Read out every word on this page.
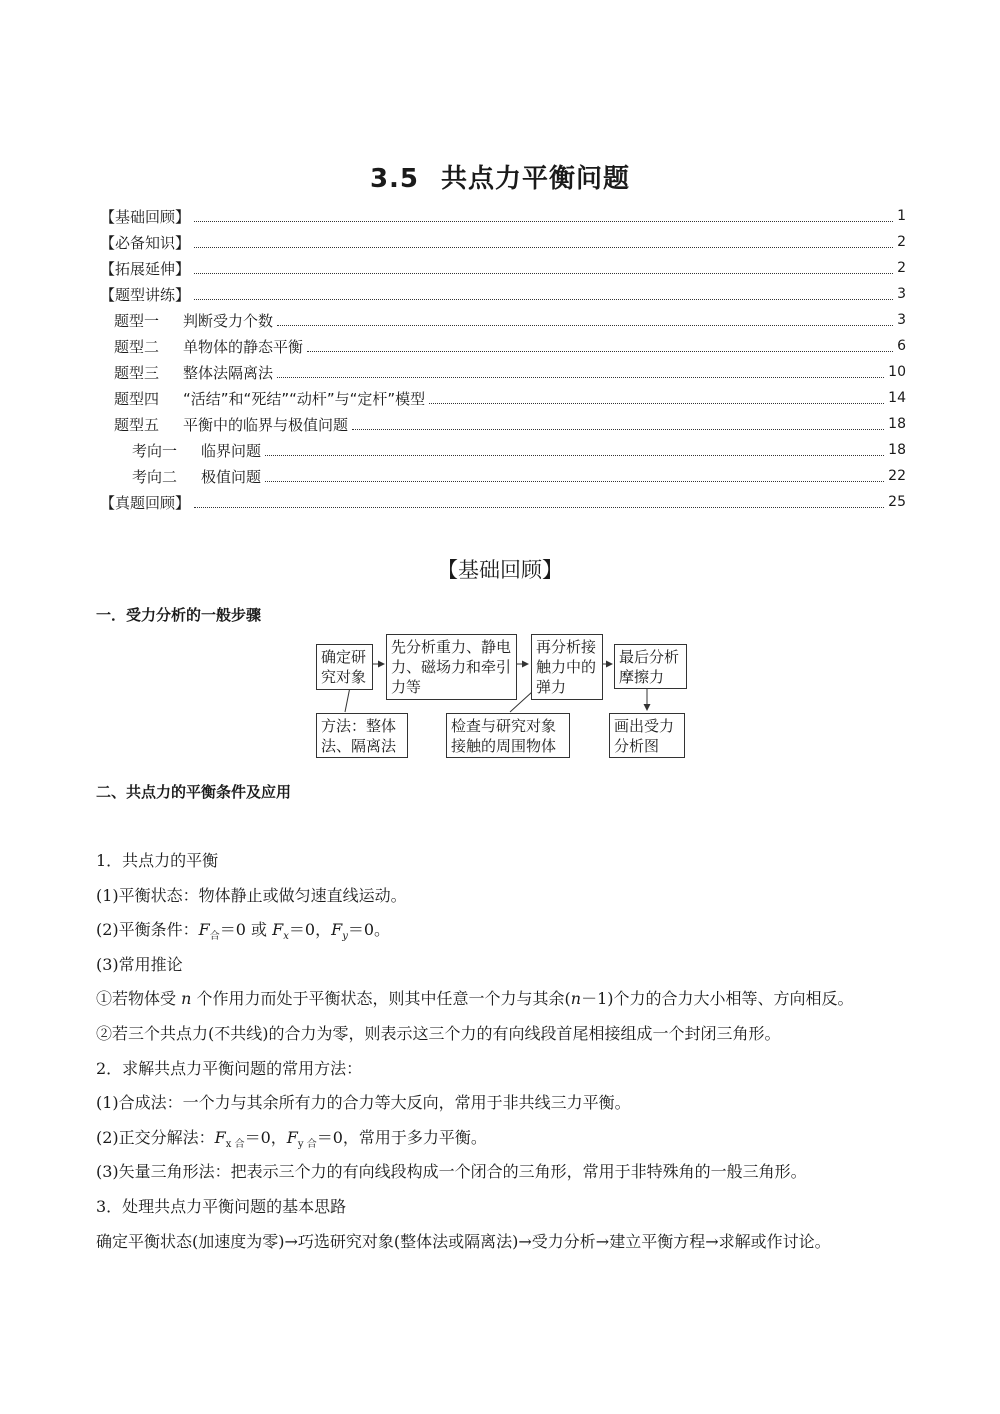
3.5 共点力平衡问题
【基础回顾】	1
【必备知识】	2
【拓展延伸】	2
【题型讲练】	3
题型一 判断受力个数	3
题型二 单物体的静态平衡	6
题型三 整体法隔离法	10
题型四 “活结”和“死结”“动杆”与“定杆”模型	14
题型五 平衡中的临界与极值问题	18
考向一 临界问题	18
考向二 极值问题	22
【真题回顾】	25
【基础回顾】
一．受力分析的一般步骤
确定研究对象
先分析重力、静电力、磁场力和牵引力等
再分析接触力中的弹力
最后分析摩擦力
方法：整体法、隔离法
检查与研究对象接触的周围物体
画出受力分析图
二、共点力的平衡条件及应用
1．共点力的平衡
(1)平衡状态：物体静止或做匀速直线运动。
(2)平衡条件：$F_合=0$ 或 $F_x=0$，$F_y=0$。
(3)常用推论
①若物体受 n 个作用力而处于平衡状态，则其中任意一个力与其余(n－1)个力的合力大小相等、方向相反。
②若三个共点力(不共线)的合力为零，则表示这三个力的有向线段首尾相接组成一个封闭三角形。
2．求解共点力平衡问题的常用方法：
(1)合成法：一个力与其余所有力的合力等大反向，常用于非共线三力平衡。
(2)正交分解法：$F_{x 合}=0$，$F_{y 合}=0$，常用于多力平衡。
(3)矢量三角形法：把表示三个力的有向线段构成一个闭合的三角形，常用于非特殊角的一般三角形。
3．处理共点力平衡问题的基本思路
确定平衡状态(加速度为零)→巧选研究对象(整体法或隔离法)→受力分析→建立平衡方程→求解或作讨论。
